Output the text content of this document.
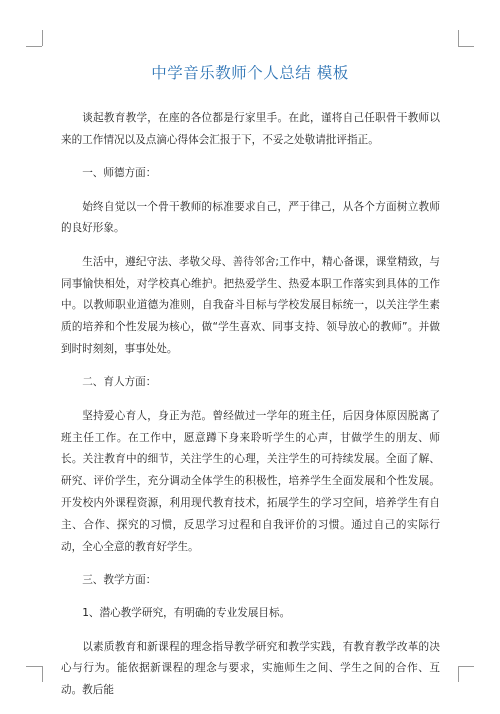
中学音乐教师个人总结 模板

谈起教育教学，在座的各位都是行家里手。在此，谨将自己任职骨干教师以来的工作情况以及点滴心得体会汇报于下，不妥之处敬请批评指正。

一、师德方面：

始终自觉以一个骨干教师的标准要求自己，严于律己，从各个方面树立教师的良好形象。

生活中，遵纪守法、孝敬父母、善待邻舍;工作中，精心备课，课堂精致，与同事愉快相处，对学校真心维护。把热爱学生、热爱本职工作落实到具体的工作中。以教师职业道德为准则，自我奋斗目标与学校发展目标统一，以关注学生素质的培养和个性发展为核心，做“学生喜欢、同事支持、领导放心的教师”。并做到时时刻刻，事事处处。

二、育人方面：

坚持爱心育人，身正为范。曾经做过一学年的班主任，后因身体原因脱离了班主任工作。在工作中，愿意蹲下身来聆听学生的心声，甘做学生的朋友、师长。关注教育中的细节，关注学生的心理，关注学生的可持续发展。全面了解、研究、评价学生，充分调动全体学生的积极性，培养学生全面发展和个性发展。开发校内外课程资源，利用现代教育技术，拓展学生的学习空间，培养学生有自主、合作、探究的习惯，反思学习过程和自我评价的习惯。通过自己的实际行动，全心全意的教育好学生。

三、教学方面：

1、潜心教学研究，有明确的专业发展目标。

以素质教育和新课程的理念指导教学研究和教学实践，有教育教学改革的决心与行为。能依据新课程的理念与要求，实施师生之间、学生之间的合作、互动。教后能
